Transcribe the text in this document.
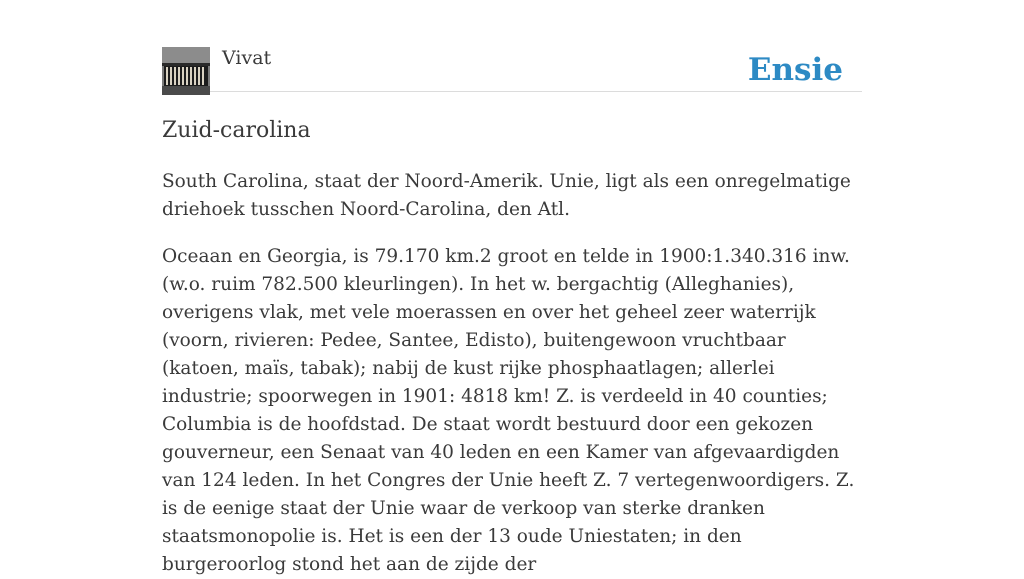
Vivat	Ensie
Zuid-carolina

South Carolina, staat der Noord-Amerik. Unie, ligt als een onregelmatige driehoek tusschen Noord-Carolina, den Atl.

Oceaan en Georgia, is 79.170 km.2 groot en telde in 1900:1.340.316 inw. (w.o. ruim 782.500 kleurlingen). In het w. bergachtig (Alleghanies), overigens vlak, met vele moerassen en over het geheel zeer waterrijk (voorn, rivieren: Pedee, Santee, Edisto), buitengewoon vruchtbaar (katoen, maïs, tabak); nabij de kust rijke phosphaatlagen; allerlei industrie; spoorwegen in 1901: 4818 km! Z. is verdeeld in 40 counties; Columbia is de hoofdstad. De staat wordt bestuurd door een gekozen gouverneur, een Senaat van 40 leden en een Kamer van afgevaardigden van 124 leden. In het Congres der Unie heeft Z. 7 vertegenwoordigers. Z. is de eenige staat der Unie waar de verkoop van sterke dranken staatsmonopolie is. Het is een der 13 oude Uniestaten; in den burgeroorlog stond het aan de zijde der
